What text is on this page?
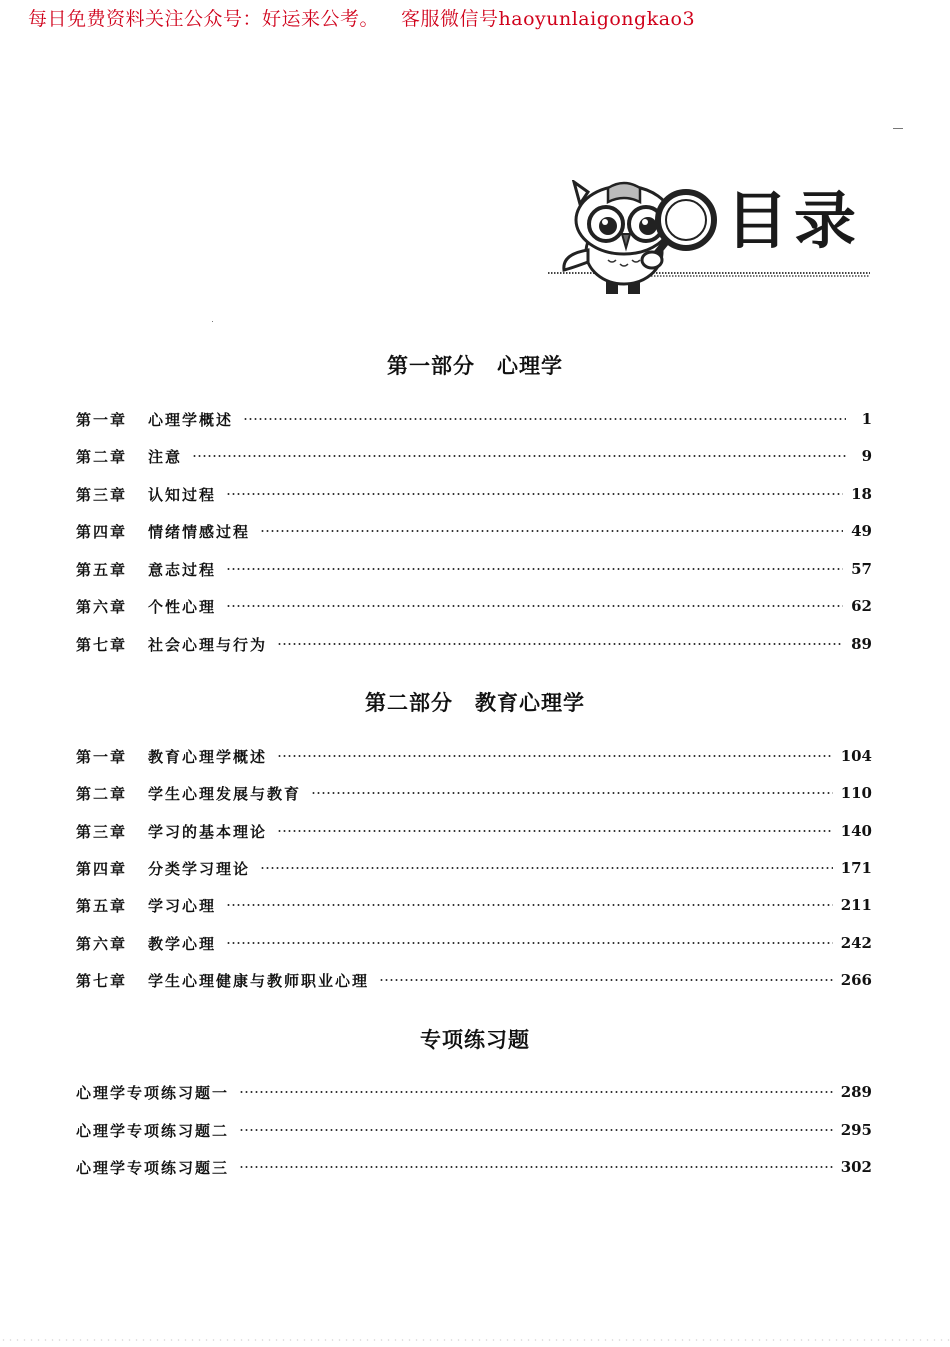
每日免费资料关注公众号：好运来公考。 客服微信号haoyunlaigongkao3
目录
第一部分　心理学
第一章	心理学概述	1
第二章	注意	9
第三章	认知过程	18
第四章	情绪情感过程	49
第五章	意志过程	57
第六章	个性心理	62
第七章	社会心理与行为	89
第二部分　教育心理学
第一章	教育心理学概述	104
第二章	学生心理发展与教育	110
第三章	学习的基本理论	140
第四章	分类学习理论	171
第五章	学习心理	211
第六章	教学心理	242
第七章	学生心理健康与教师职业心理	266
专项练习题
心理学专项练习题一	289
心理学专项练习题二	295
心理学专项练习题三	302
